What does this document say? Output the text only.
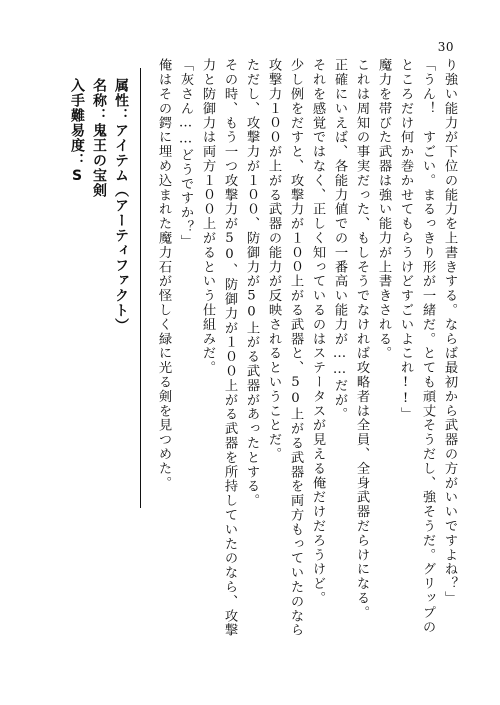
30
り強い能力が下位の能力を上書きする。ならば最初から武器の方がいいですよね？」
「うん！　すごい。まるっきり形が一緒だ。とても頑丈そうだし、強そうだ。グリップの
ところだけ何か巻かせてもらうけどすごいよこれ!!」
魔力を帯びた武器は強い能力が上書きされる。
これは周知の事実だった、もしそうでなければ攻略者は全員、全身武器だらけになる。
正確にいえば、各能力値での一番高い能力が……だが。
それを感覚ではなく、正しく知っているのはステータスが見える俺だけだろうけど。
少し例をだすと、攻撃力が１００上がる武器と、50上がる武器を両方もっていたのなら
攻撃力１００が上がる武器の能力が反映されるということだ。
ただし、攻撃力が１００、防御力が50上がる武器があったとする。
その時、もう一つ攻撃力が50、防御力が１００上がる武器を所持していたのなら、攻撃
力と防御力は両方１００上がるという仕組みだ。
「灰さん……どうですか？」
俺はその鍔に埋め込まれた魔力石が怪しく緑に光る剣を見つめた。
属性：アイテム（アーティファクト）
名称：鬼王の宝剣
入手難易度：S
